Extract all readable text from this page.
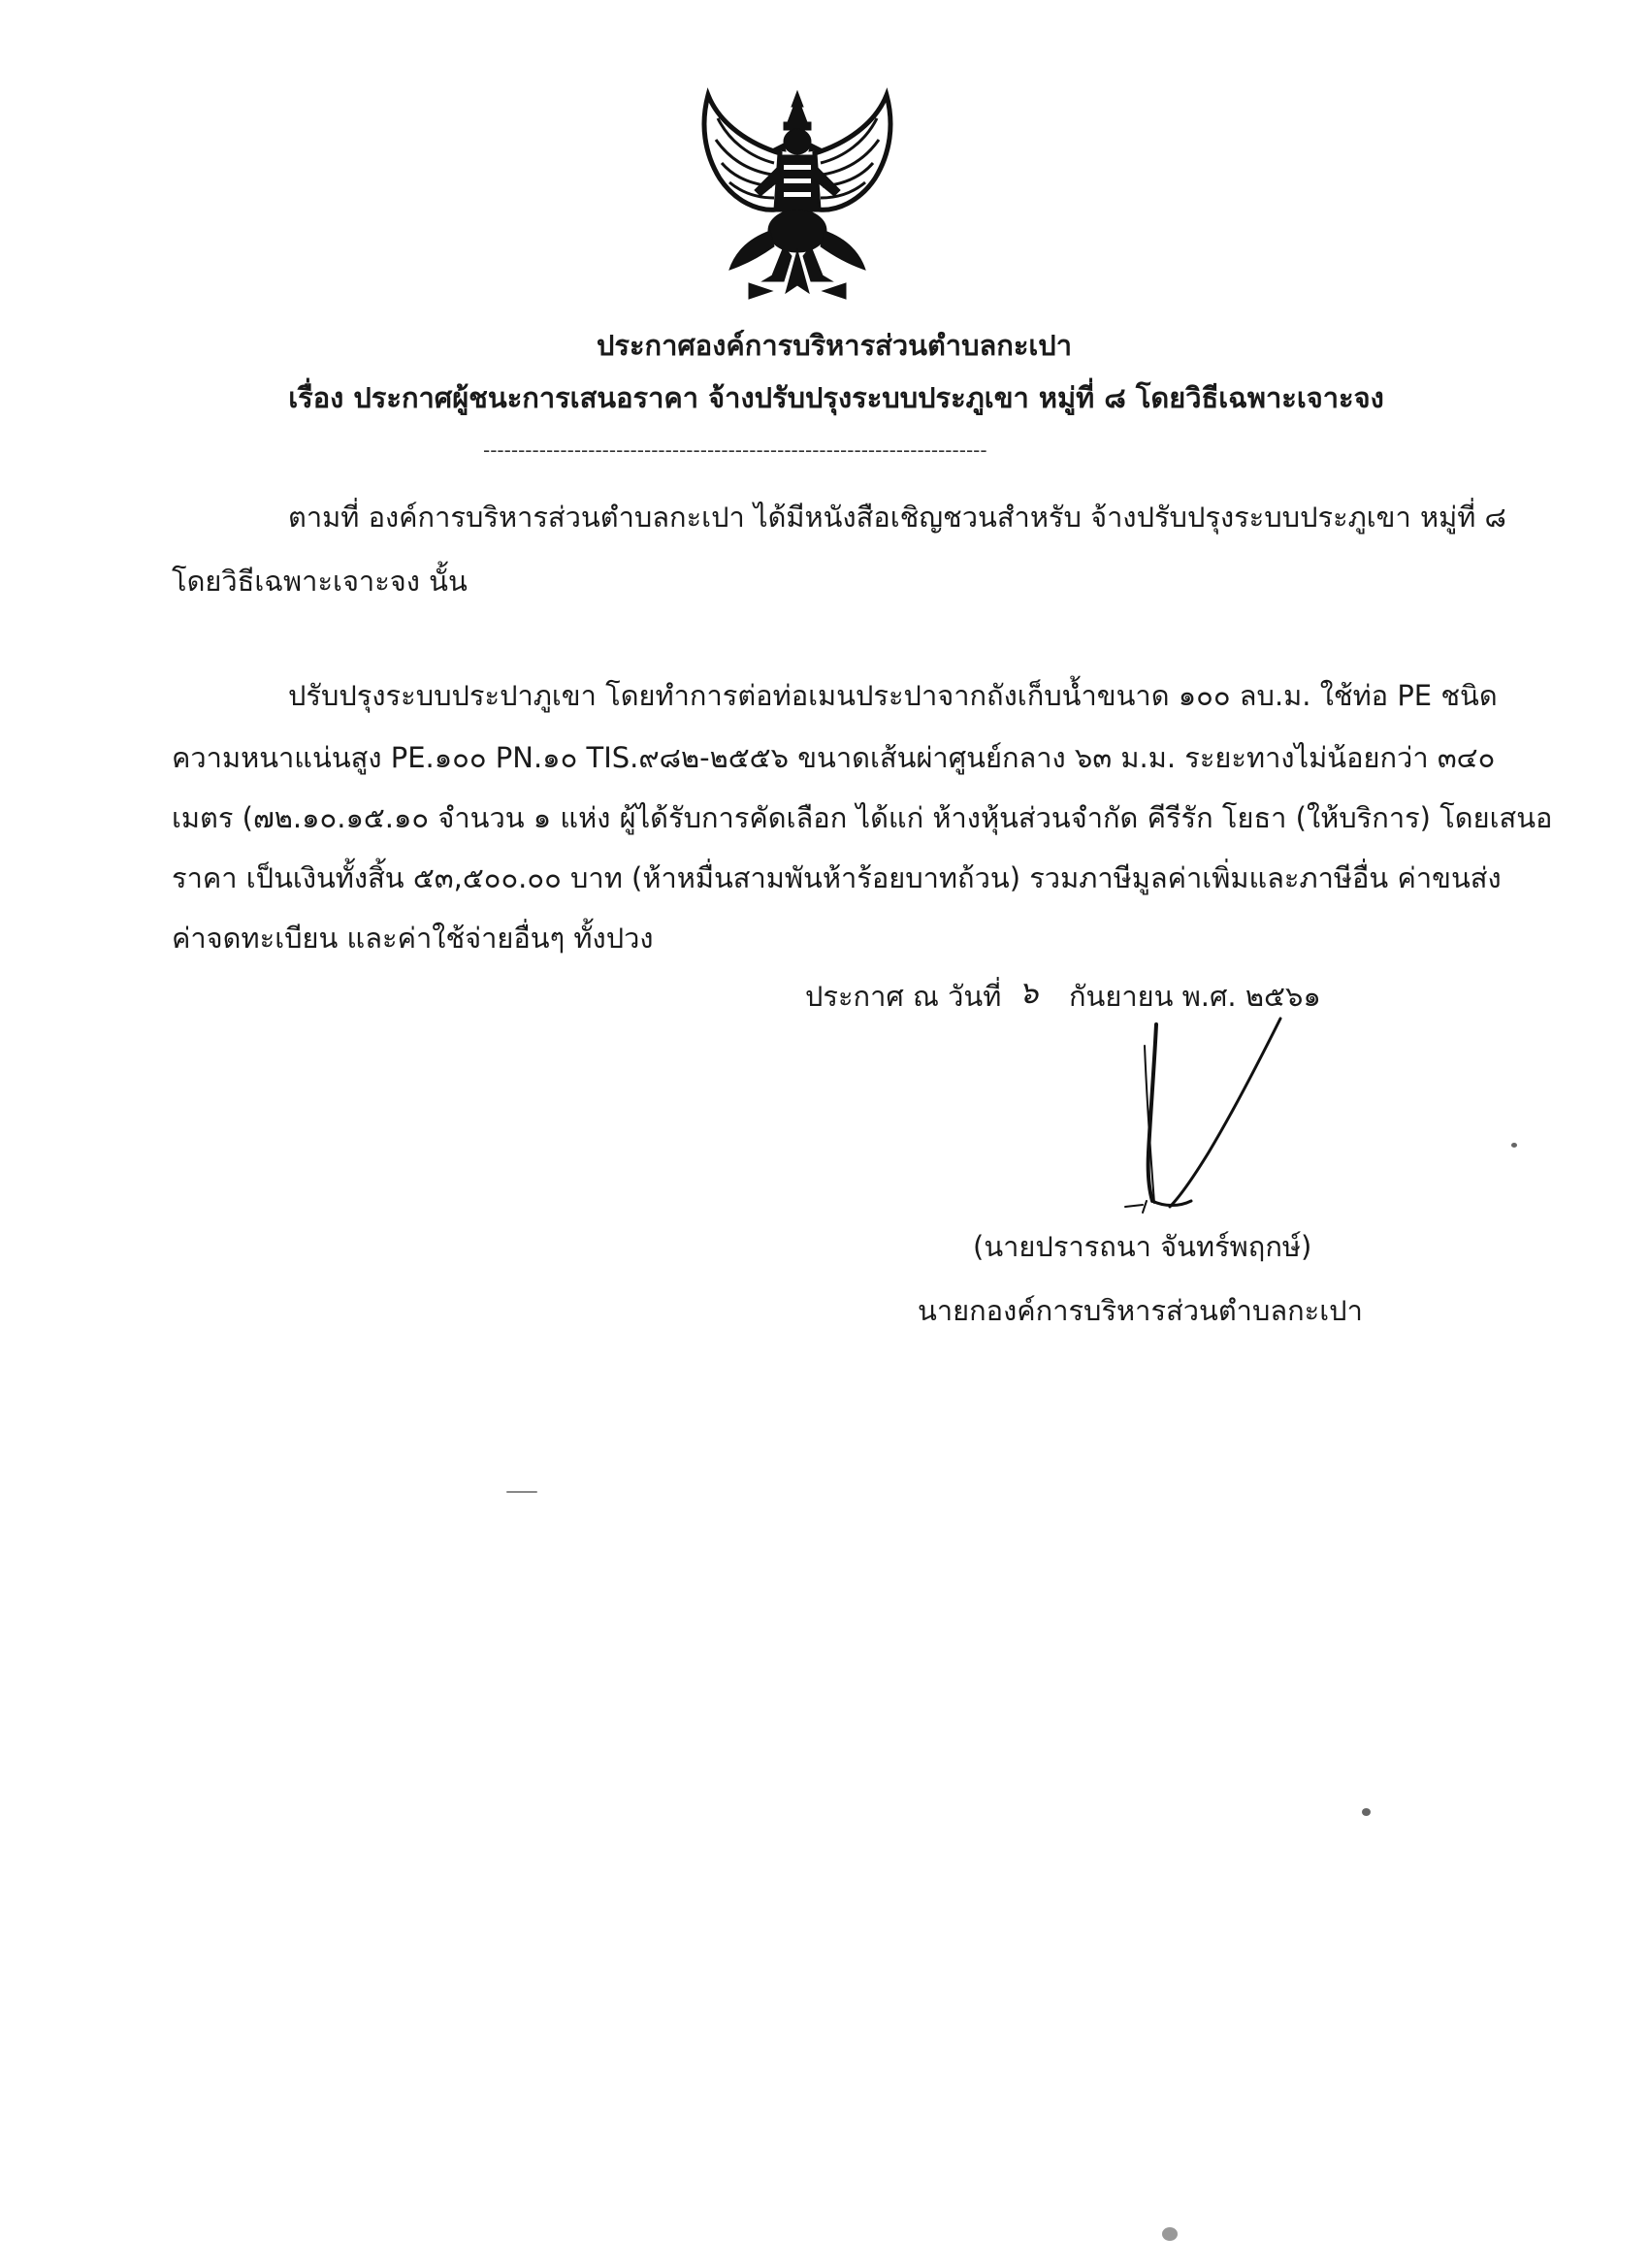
ประกาศองค์การบริหารส่วนตำบลกะเปา
เรื่อง ประกาศผู้ชนะการเสนอราคา จ้างปรับปรุงระบบประภูเขา หมู่ที่ ๘ โดยวิธีเฉพาะเจาะจง
------------------------------------------------------------------------
ตามที่ องค์การบริหารส่วนตำบลกะเปา ได้มีหนังสือเชิญชวนสำหรับ จ้างปรับปรุงระบบประภูเขา หมู่ที่ ๘
โดยวิธีเฉพาะเจาะจง นั้น
ปรับปรุงระบบประปาภูเขา โดยทำการต่อท่อเมนประปาจากถังเก็บน้ำขนาด ๑๐๐ ลบ.ม. ใช้ท่อ PE ชนิด
ความหนาแน่นสูง PE.๑๐๐ PN.๑๐ TIS.๙๘๒-๒๕๕๖ ขนาดเส้นผ่าศูนย์กลาง ๖๓ ม.ม. ระยะทางไม่น้อยกว่า ๓๔๐
เมตร (๗๒.๑๐.๑๕.๑๐ จำนวน ๑ แห่ง ผู้ได้รับการคัดเลือก ได้แก่ ห้างหุ้นส่วนจำกัด คีรีรัก โยธา (ให้บริการ) โดยเสนอ
ราคา เป็นเงินทั้งสิ้น ๕๓,๕๐๐.๐๐ บาท (ห้าหมื่นสามพันห้าร้อยบาทถ้วน) รวมภาษีมูลค่าเพิ่มและภาษีอื่น ค่าขนส่ง
ค่าจดทะเบียน และค่าใช้จ่ายอื่นๆ ทั้งปวง
ประกาศ ณ วันที่ ๖ กันยายน พ.ศ. ๒๕๖๑
(นายปรารถนา จันทร์พฤกษ์)
นายกองค์การบริหารส่วนตำบลกะเปา
